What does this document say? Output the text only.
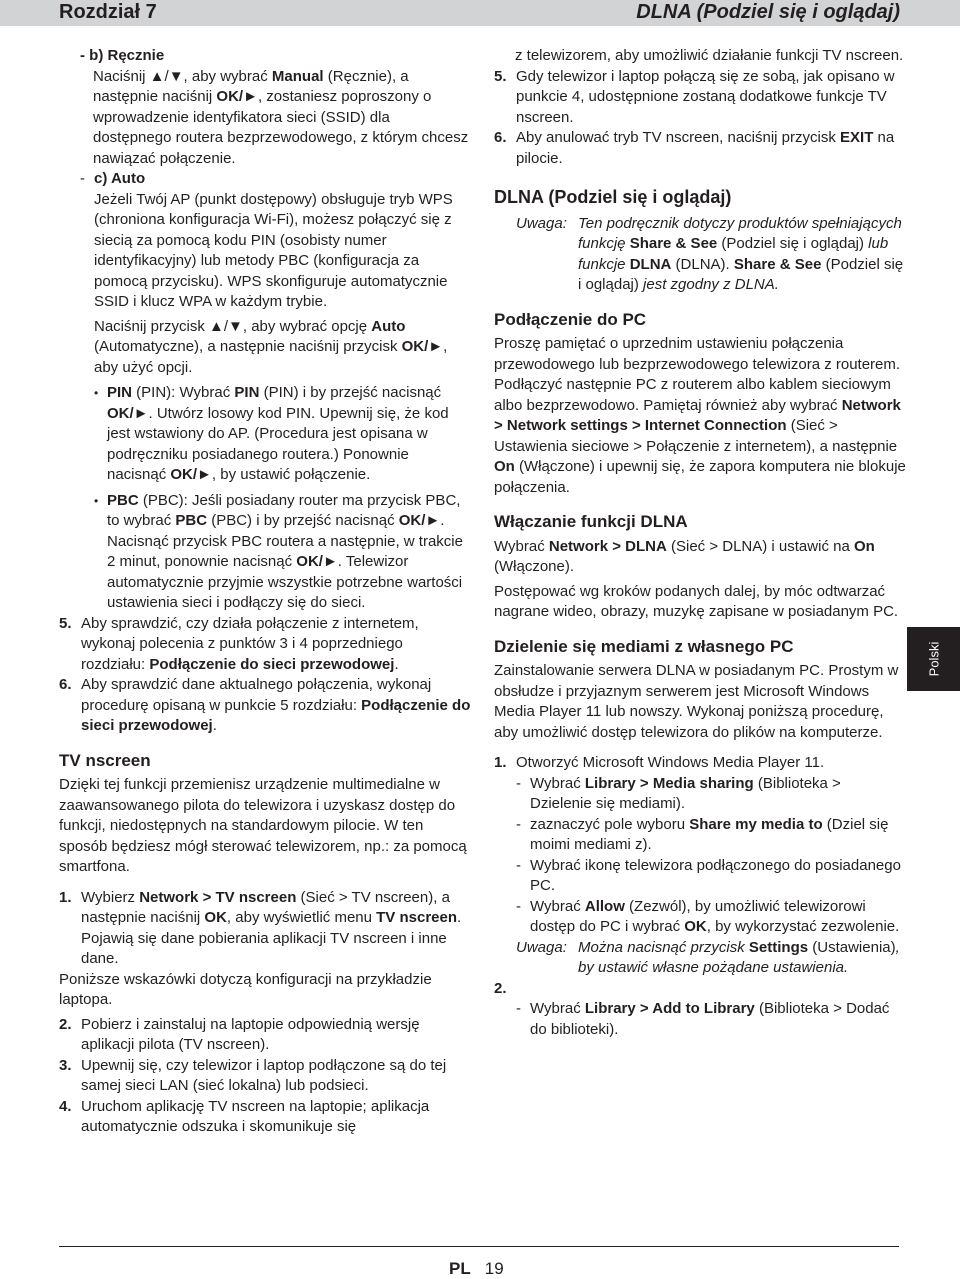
Rozdział 7	DLNA (Podziel się i oglądaj)

- b) Ręcznie

Naciśnij ▲/▼, aby wybrać Manual (Ręcznie), a następnie naciśnij OK/►, zostaniesz poproszony o wprowadzenie identyfikatora sieci (SSID) dla dostępnego routera bezprzewodowego, z którym chcesz nawiązać połączenie.

- c) Auto

Jeżeli Twój AP (punkt dostępowy) obsługuje tryb WPS (chroniona konfiguracja Wi-Fi), możesz połączyć się z siecią za pomocą kodu PIN (osobisty numer identyfikacyjny) lub metody PBC (konfiguracja za pomocą przycisku). WPS skonfiguruje automatycznie SSID i klucz WPA w każdym trybie.

Naciśnij przycisk ▲/▼, aby wybrać opcję Auto (Automatyczne), a następnie naciśnij przycisk OK/►, aby użyć opcji.

• PIN (PIN): Wybrać PIN (PIN) i by przejść nacisnąć OK/►. Utwórz losowy kod PIN. Upewnij się, że kod jest wstawiony do AP. (Procedura jest opisana w podręczniku posiadanego routera.) Ponownie nacisnąć OK/►, by ustawić połączenie.

• PBC (PBC): Jeśli posiadany router ma przycisk PBC, to wybrać PBC (PBC) i by przejść nacisnąć OK/►. Nacisnąć przycisk PBC routera a następnie, w trakcie 2 minut, ponownie nacisnąć OK/►. Telewizor automatycznie przyjmie wszystkie potrzebne wartości ustawienia sieci i podłączy się do sieci.

5. Aby sprawdzić, czy działa połączenie z internetem, wykonaj polecenia z punktów 3 i 4 poprzedniego rozdziału: Podłączenie do sieci przewodowej.

6. Aby sprawdzić dane aktualnego połączenia, wykonaj procedurę opisaną w punkcie 5 rozdziału: Podłączenie do sieci przewodowej.

TV nscreen

Dzięki tej funkcji przemienisz urządzenie multimedialne w zaawansowanego pilota do telewizora i uzyskasz dostęp do funkcji, niedostępnych na standardowym pilocie. W ten sposób będziesz mógł sterować telewizorem, np.: za pomocą smartfona.

1. Wybierz Network > TV nscreen (Sieć > TV nscreen), a następnie naciśnij OK, aby wyświetlić menu TV nscreen. Pojawią się dane pobierania aplikacji TV nscreen i inne dane.

Poniższe wskazówki dotyczą konfiguracji na przykładzie laptopa.

2. Pobierz i zainstaluj na laptopie odpowiednią wersję aplikacji pilota (TV nscreen).

3. Upewnij się, czy telewizor i laptop podłączone są do tej samej sieci LAN (sieć lokalna) lub podsieci.

4. Uruchom aplikację TV nscreen na laptopie; aplikacja automatycznie odszuka i skomunikuje się

z telewizorem, aby umożliwić działanie funkcji TV nscreen.

5. Gdy telewizor i laptop połączą się ze sobą, jak opisano w punkcie 4, udostępnione zostaną dodatkowe funkcje TV nscreen.

6. Aby anulować tryb TV nscreen, naciśnij przycisk EXIT na pilocie.

DLNA (Podziel się i oglądaj)

Uwaga: Ten podręcznik dotyczy produktów spełniających funkcję Share & See (Podziel się i oglądaj) lub funkcje DLNA (DLNA). Share & See (Podziel się i oglądaj) jest zgodny z DLNA.

Podłączenie do PC

Proszę pamiętać o uprzednim ustawieniu połączenia przewodowego lub bezprzewodowego telewizora z routerem. Podłączyć następnie PC z routerem albo kablem sieciowym albo bezprzewodowo. Pamiętaj również aby wybrać Network > Network settings > Internet Connection (Sieć > Ustawienia sieciowe > Połączenie z internetem), a następnie On (Włączone) i upewnij się, że zapora komputera nie blokuje połączenia.

Włączanie funkcji DLNA

Wybrać Network > DLNA (Sieć > DLNA) i ustawić na On (Włączone).

Postępować wg kroków podanych dalej, by móc odtwarzać nagrane wideo, obrazy, muzykę zapisane w posiadanym PC.

Dzielenie się mediami z własnego PC

Zainstalowanie serwera DLNA w posiadanym PC. Prostym w obsłudze i przyjaznym serwerem jest Microsoft Windows Media Player 11 lub nowszy. Wykonaj poniższą procedurę, aby umożliwić dostęp telewizora do plików na komputerze.

1. Otworzyć Microsoft Windows Media Player 11.

- Wybrać Library > Media sharing (Biblioteka > Dzielenie się mediami).

- zaznaczyć pole wyboru Share my media to (Dziel się moimi mediami z).

- Wybrać ikonę telewizora podłączonego do posiadanego PC.

- Wybrać Allow (Zezwól), by umożliwić telewizorowi dostęp do PC i wybrać OK, by wykorzystać zezwolenie.

Uwaga: Można nacisnąć przycisk Settings (Ustawienia), by ustawić własne pożądane ustawienia.

2.

- Wybrać Library > Add to Library (Biblioteka > Dodać do biblioteki).

Polski
PL 19
